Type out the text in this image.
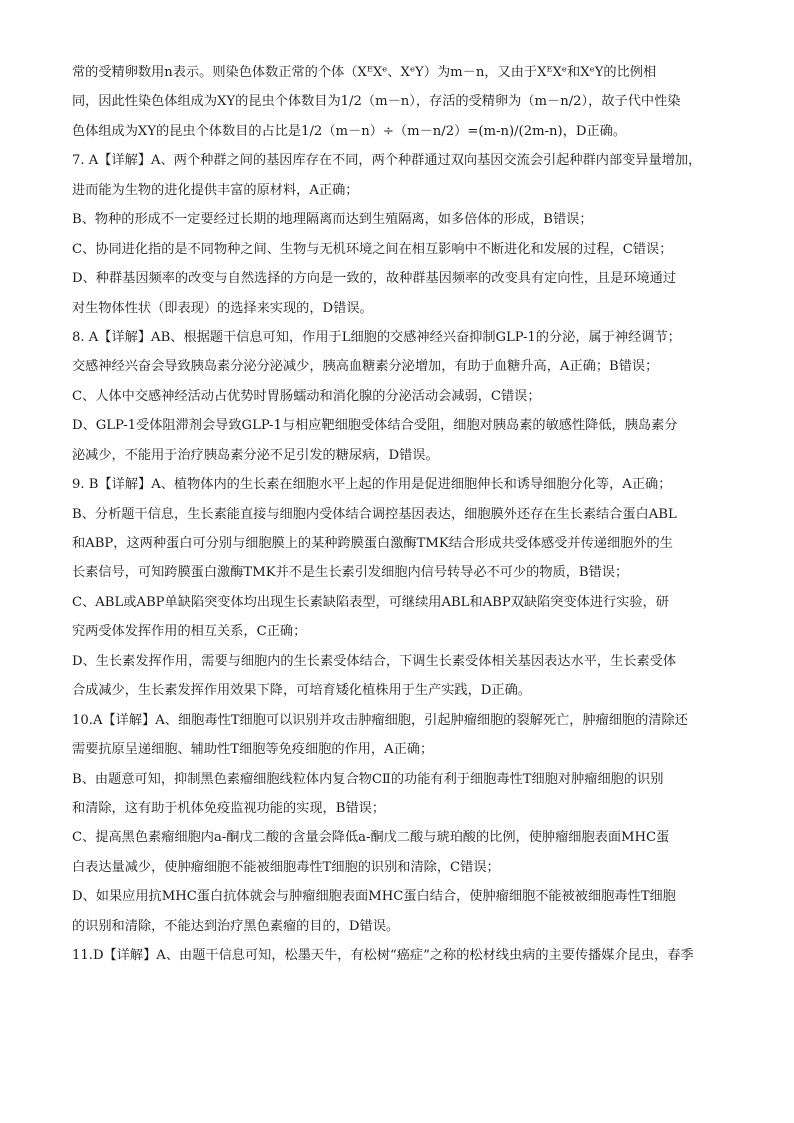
常的受精卵数用n表示。则染色体数正常的个体（XᴱXᵉ、XᵉY）为m－n，又由于XᴱXᵉ和XᵉY的比例相
同，因此性染色体组成为XY的昆虫个体数目为1/2（m－n），存活的受精卵为（m－n/2），故子代中性染
色体组成为XY的昆虫个体数目的占比是1/2（m－n）÷（m－n/2）=(m-n)/(2m-n)，D正确。
7. A【详解】A、两个种群之间的基因库存在不同，两个种群通过双向基因交流会引起种群内部变异量增加，
进而能为生物的进化提供丰富的原材料，A正确；
B、物种的形成不一定要经过长期的地理隔离而达到生殖隔离，如多倍体的形成，B错误；
C、协同进化指的是不同物种之间、生物与无机环境之间在相互影响中不断进化和发展的过程，C错误；
D、种群基因频率的改变与自然选择的方向是一致的，故种群基因频率的改变具有定向性，且是环境通过
对生物体性状（即表现）的选择来实现的，D错误。
8. A【详解】AB、根据题干信息可知，作用于L细胞的交感神经兴奋抑制GLP-1的分泌，属于神经调节；
交感神经兴奋会导致胰岛素分泌分泌减少，胰高血糖素分泌增加，有助于血糖升高，A正确；B错误；
C、人体中交感神经活动占优势时胃肠蠕动和消化腺的分泌活动会减弱，C错误；
D、GLP-1受体阻滞剂会导致GLP-1与相应靶细胞受体结合受阻，细胞对胰岛素的敏感性降低，胰岛素分
泌减少，不能用于治疗胰岛素分泌不足引发的糖尿病，D错误。
9. B【详解】A、植物体内的生长素在细胞水平上起的作用是促进细胞伸长和诱导细胞分化等，A正确；
B、分析题干信息，生长素能直接与细胞内受体结合调控基因表达，细胞膜外还存在生长素结合蛋白ABL
和ABP，这两种蛋白可分别与细胞膜上的某种跨膜蛋白激酶TMK结合形成共受体感受并传递细胞外的生
长素信号，可知跨膜蛋白激酶TMK并不是生长素引发细胞内信号转导必不可少的物质，B错误；
C、ABL或ABP单缺陷突变体均出现生长素缺陷表型，可继续用ABL和ABP双缺陷突变体进行实验，研
究两受体发挥作用的相互关系，C正确；
D、生长素发挥作用，需要与细胞内的生长素受体结合，下调生长素受体相关基因表达水平，生长素受体
合成减少，生长素发挥作用效果下降，可培育矮化植株用于生产实践，D正确。
10.A【详解】A、细胞毒性T细胞可以识别并攻击肿瘤细胞，引起肿瘤细胞的裂解死亡，肿瘤细胞的清除还
需要抗原呈递细胞、辅助性T细胞等免疫细胞的作用，A正确；
B、由题意可知，抑制黑色素瘤细胞线粒体内复合物CⅡ的功能有利于细胞毒性T细胞对肿瘤细胞的识别
和清除，这有助于机体免疫监视功能的实现，B错误；
C、提高黑色素瘤细胞内a-酮戊二酸的含量会降低a-酮戊二酸与琥珀酸的比例，使肿瘤细胞表面MHC蛋
白表达量减少，使肿瘤细胞不能被细胞毒性T细胞的识别和清除，C错误；
D、如果应用抗MHC蛋白抗体就会与肿瘤细胞表面MHC蛋白结合，使肿瘤细胞不能被被细胞毒性T细胞
的识别和清除，不能达到治疗黑色素瘤的目的，D错误。
11.D【详解】A、由题干信息可知，松墨天牛，有松树“癌症”之称的松材线虫病的主要传播媒介昆虫，春季
